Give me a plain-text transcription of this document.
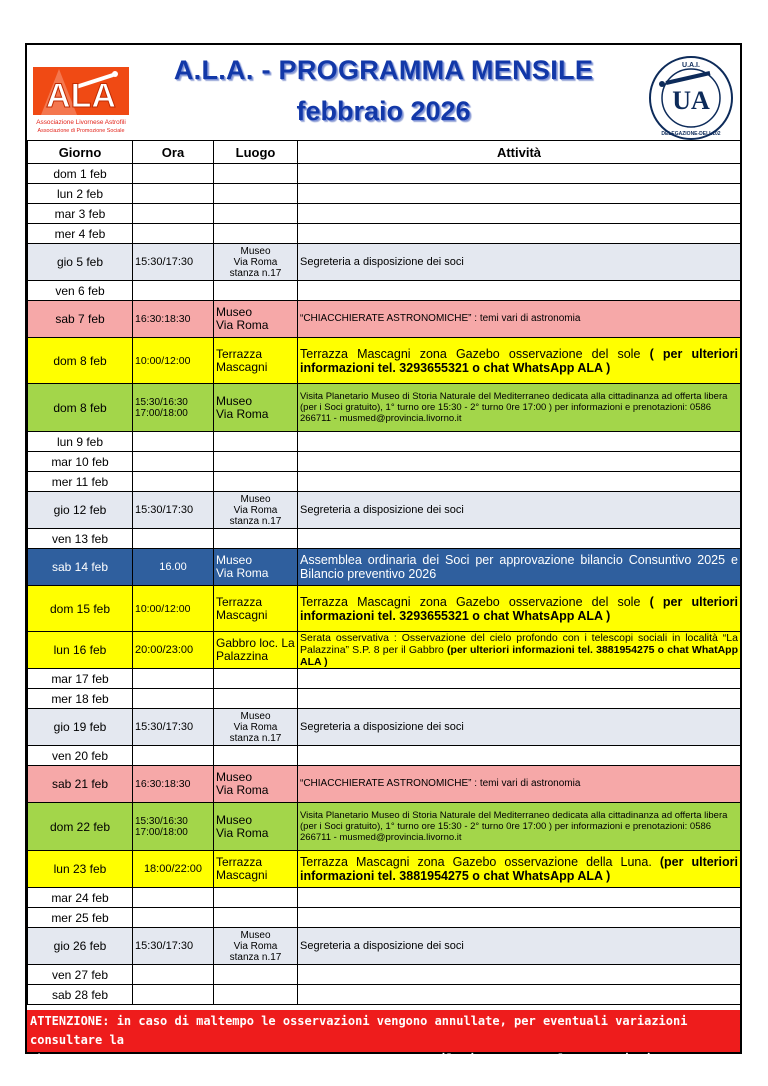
ALA
Associazione Livornese Astrofili
Associazione di Promozione Sociale
A.L.A. - PROGRAMMA MENSILE
febbraio 2026
U.A.I.
UA
DELEGAZIONE-DELL102
Giorno	Ora	Luogo	Attività
dom 1 feb			
lun 2 feb			
mar 3 feb			
mer 4 feb			
gio 5 feb	15:30/17:30	Museo
Via Roma
stanza n.17	Segreteria a disposizione dei soci
ven 6 feb			
sab 7 feb	16:30:18:30	Museo
Via Roma	“CHIACCHIERATE ASTRONOMICHE” : temi vari di astronomia
dom 8 feb	10:00/12:00	Terrazza
Mascagni	Terrazza Mascagni zona Gazebo osservazione del sole ( per ulteriori informazioni tel. 3293655321 o chat WhatsApp ALA )
dom 8 feb	15:30/16:30
17:00/18:00	Museo
Via Roma	Visita Planetario Museo di Storia Naturale del Mediterraneo dedicata alla cittadinanza ad offerta libera (per i Soci gratuito), 1° turno ore 15:30 - 2° turno 0re 17:00 ) per informazioni e prenotazioni: 0586 266711 - musmed@provincia.livorno.it
lun 9 feb			
mar 10 feb			
mer 11 feb			
gio 12 feb	15:30/17:30	Museo
Via Roma
stanza n.17	Segreteria a disposizione dei soci
ven 13 feb			
sab 14 feb	16.00	Museo
Via Roma	Assemblea ordinaria dei Soci per approvazione bilancio Consuntivo 2025 e Bilancio preventivo 2026
dom 15 feb	10:00/12:00	Terrazza
Mascagni	Terrazza Mascagni zona Gazebo osservazione del sole ( per ulteriori informazioni tel. 3293655321 o chat WhatsApp ALA )
lun 16 feb	20:00/23:00	Gabbro loc. La
Palazzina	Serata osservativa : Osservazione del cielo profondo con i telescopi sociali in località “La Palazzina” S.P. 8 per il Gabbro (per ulteriori informazioni tel. 3881954275 o chat WhatApp ALA )
mar 17 feb			
mer 18 feb			
gio 19 feb	15:30/17:30	Museo
Via Roma
stanza n.17	Segreteria a disposizione dei soci
ven 20 feb			
sab 21 feb	16:30:18:30	Museo
Via Roma	“CHIACCHIERATE ASTRONOMICHE” : temi vari di astronomia
dom 22 feb	15:30/16:30
17:00/18:00	Museo
Via Roma	Visita Planetario Museo di Storia Naturale del Mediterraneo dedicata alla cittadinanza ad offerta libera (per i Soci gratuito), 1° turno ore 15:30 - 2° turno 0re 17:00 ) per informazioni e prenotazioni: 0586 266711 - musmed@provincia.livorno.it
lun 23 feb	18:00/22:00	Terrazza
Mascagni	Terrazza Mascagni zona Gazebo osservazione della Luna. (per ulteriori informazioni tel. 3881954275 o chat WhatsApp ALA )
mar 24 feb			
mer 25 feb			
gio 26 feb	15:30/17:30	Museo
Via Roma
stanza n.17	Segreteria a disposizione dei soci
ven 27 feb			
sab 28 feb			
ATTENZIONE: in caso di maltempo le osservazioni vengono annullate, per eventuali variazioni consultare la
chat	SOCI ALA	SIMPATIZZANTI ALA	oppure il sito : www.alastronomia.it
